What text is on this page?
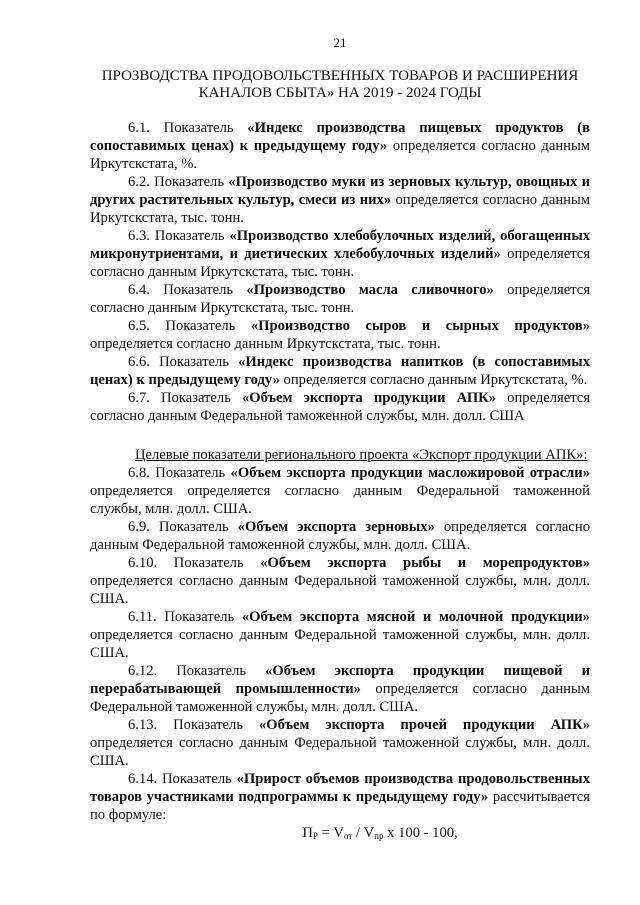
21
ПРОЗВОДСТВА ПРОДОВОЛЬСТВЕННЫХ ТОВАРОВ И РАСШИРЕНИЯ КАНАЛОВ СБЫТА» НА 2019 - 2024 ГОДЫ

6.1. Показатель «Индекс производства пищевых продуктов (в сопоставимых ценах) к предыдущему году» определяется согласно данным Иркутскстата, %.

6.2. Показатель «Производство муки из зерновых культур, овощных и других растительных культур, смеси из них» определяется согласно данным Иркутскстата, тыс. тонн.

6.3. Показатель «Производство хлебобулочных изделий, обогащенных микронутриентами, и диетических хлебобулочных изделий» определяется согласно данным Иркутскстата, тыс. тонн.

6.4. Показатель «Производство масла сливочного» определяется согласно данным Иркутскстата, тыс. тонн.

6.5. Показатель «Производство сыров и сырных продуктов» определяется согласно данным Иркутскстата, тыс. тонн.

6.6. Показатель «Индекс производства напитков (в сопоставимых ценах) к предыдущему году» определяется согласно данным Иркутскстата, %.

6.7. Показатель «Объем экспорта продукции АПК» определяется согласно данным Федеральной таможенной службы, млн. долл. США

Целевые показатели регионального проекта «Экспорт продукции АПК»:

6.8. Показатель «Объем экспорта продукции масложировой отрасли» определяется определяется согласно данным Федеральной таможенной службы, млн. долл. США.

6.9. Показатель «Объем экспорта зерновых» определяется согласно данным Федеральной таможенной службы, млн. долл. США.

6.10. Показатель «Объем экспорта рыбы и морепродуктов» определяется согласно данным Федеральной таможенной службы, млн. долл. США.

6.11. Показатель «Объем экспорта мясной и молочной продукции» определяется согласно данным Федеральной таможенной службы, млн. долл. США.

6.12. Показатель «Объем экспорта продукции пищевой и перерабатывающей промышленности» определяется согласно данным Федеральной таможенной службы, млн. долл. США.

6.13. Показатель «Объем экспорта прочей продукции АПК» определяется согласно данным Федеральной таможенной службы, млн. долл. США.

6.14. Показатель «Прирост объемов производства продовольственных товаров участниками подпрограммы к предыдущему году» рассчитывается по формуле:

$П_Р = V_{от} / V_{пр}$ х 100 - 100,
